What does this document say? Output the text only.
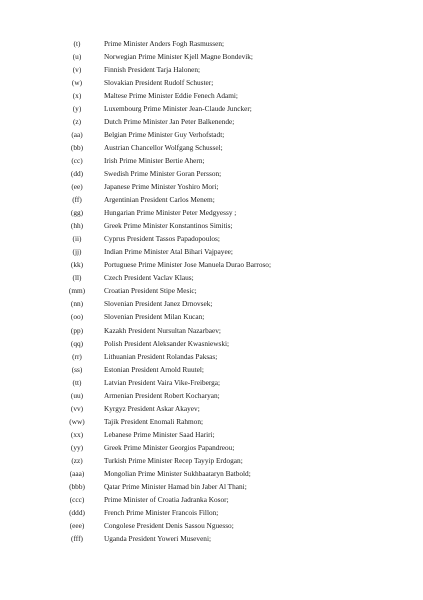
(t)	Prime Minister Anders Fogh Rasmussen;
(u)	Norwegian Prime Minister Kjell Magne Bondevik;
(v)	Finnish President Tarja Halonen;
(w)	Slovakian President Rudolf Schuster;
(x)	Maltese Prime Minister Eddie Fenech Adami;
(y)	Luxembourg Prime Minister Jean-Claude Juncker;
(z)	Dutch Prime Minister Jan Peter Balkenende;
(aa)	Belgian Prime Minister Guy Verhofstadt;
(bb)	Austrian Chancellor Wolfgang Schussel;
(cc)	Irish Prime Minister Bertie Ahern;
(dd)	Swedish Prime Minister Goran Persson;
(ee)	Japanese Prime Minister Yoshiro Mori;
(ff)	Argentinian President Carlos Menem;
(gg)	Hungarian Prime Minister Peter Medgyessy ;
(hh)	Greek Prime Minister Konstantinos Simitis;
(ii)	Cyprus President Tassos Papadopoulos;
(jj)	Indian Prime Minister Atal Bihari Vajpayee;
(kk)	Portuguese Prime Minister Jose Manuela Durao Barroso;
(ll)	Czech President Vaclav Klaus;
(mm)	Croatian President Stipe Mesic;
(nn)	Slovenian President Janez Drnovsek;
(oo)	Slovenian President Milan Kucan;
(pp)	Kazakh President Nursultan Nazarbaev;
(qq)	Polish President Aleksander Kwasniewski;
(rr)	Lithuanian President Rolandas Paksas;
(ss)	Estonian President Arnold Ruutel;
(tt)	Latvian President Vaira Vike-Freiberga;
(uu)	Armenian President Robert Kocharyan;
(vv)	Kyrgyz President Askar Akayev;
(ww)	Tajik President Enomali Rahmon;
(xx)	Lebanese Prime Minister Saad Hariri;
(yy)	Greek Prime Minister Georgios Papandreou;
(zz)	Turkish Prime Minister Recep Tayyip Erdogan;
(aaa)	Mongolian Prime Minister Sukhbaataryn Batbold;
(bbb)	Qatar Prime Minister Hamad bin Jaber Al Thani;
(ccc)	Prime Minister of Croatia Jadranka Kosor;
(ddd)	French Prime Minister Francois Fillon;
(eee)	Congolese President Denis Sassou Nguesso;
(fff)	Uganda President Yoweri Museveni;
